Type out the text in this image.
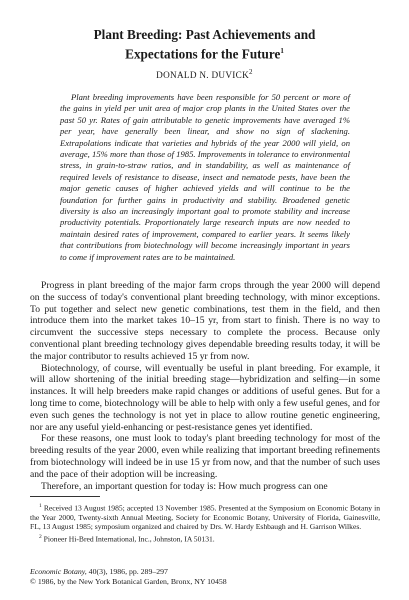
Plant Breeding: Past Achievements and
Expectations for the Future$^1$

DONALD N. DUVICK$^2$

Plant breeding improvements have been responsible for 50 percent or more of the gains in yield per unit area of major crop plants in the United States over the past 50 yr. Rates of gain attributable to genetic improvements have averaged 1% per year, have generally been linear, and show no sign of slackening. Extrapolations indicate that varieties and hybrids of the year 2000 will yield, on average, 15% more than those of 1985. Improvements in tolerance to environmental stress, in grain-to-straw ratios, and in standability, as well as maintenance of required levels of resistance to disease, insect and nematode pests, have been the major genetic causes of higher achieved yields and will continue to be the foundation for further gains in productivity and stability. Broadened genetic diversity is also an increasingly important goal to promote stability and increase productivity potentials. Proportionately large research inputs are now needed to maintain desired rates of improvement, compared to earlier years. It seems likely that contributions from biotechnology will become increasingly important in years to come if improvement rates are to be maintained.

Progress in plant breeding of the major farm crops through the year 2000 will depend on the success of today's conventional plant breeding technology, with minor exceptions. To put together and select new genetic combinations, test them in the field, and then introduce them into the market takes 10–15 yr, from start to finish. There is no way to circumvent the successive steps necessary to complete the process. Because only conventional plant breeding technology gives dependable breeding results today, it will be the major contributor to results achieved 15 yr from now.

Biotechnology, of course, will eventually be useful in plant breeding. For example, it will allow shortening of the initial breeding stage—hybridization and selfing—in some instances. It will help breeders make rapid changes or additions of useful genes. But for a long time to come, biotechnology will be able to help with only a few useful genes, and for even such genes the technology is not yet in place to allow routine genetic engineering, nor are any useful yield-enhancing or pest-resistance genes yet identified.

For these reasons, one must look to today's plant breeding technology for most of the breeding results of the year 2000, even while realizing that important breeding refinements from biotechnology will indeed be in use 15 yr from now, and that the number of such uses and the pace of their adoption will be increasing.

Therefore, an important question for today is: How much progress can one

$^1$ Received 13 August 1985; accepted 13 November 1985. Presented at the Symposium on Economic Botany in the Year 2000, Twenty-sixth Annual Meeting, Society for Economic Botany, University of Florida, Gainesville, FL, 13 August 1985; symposium organized and chaired by Drs. W. Hardy Eshbaugh and H. Garrison Wilkes.

$^2$ Pioneer Hi-Bred International, Inc., Johnston, IA 50131.

Economic Botany, 40(3), 1986, pp. 289–297
© 1986, by the New York Botanical Garden, Bronx, NY 10458
